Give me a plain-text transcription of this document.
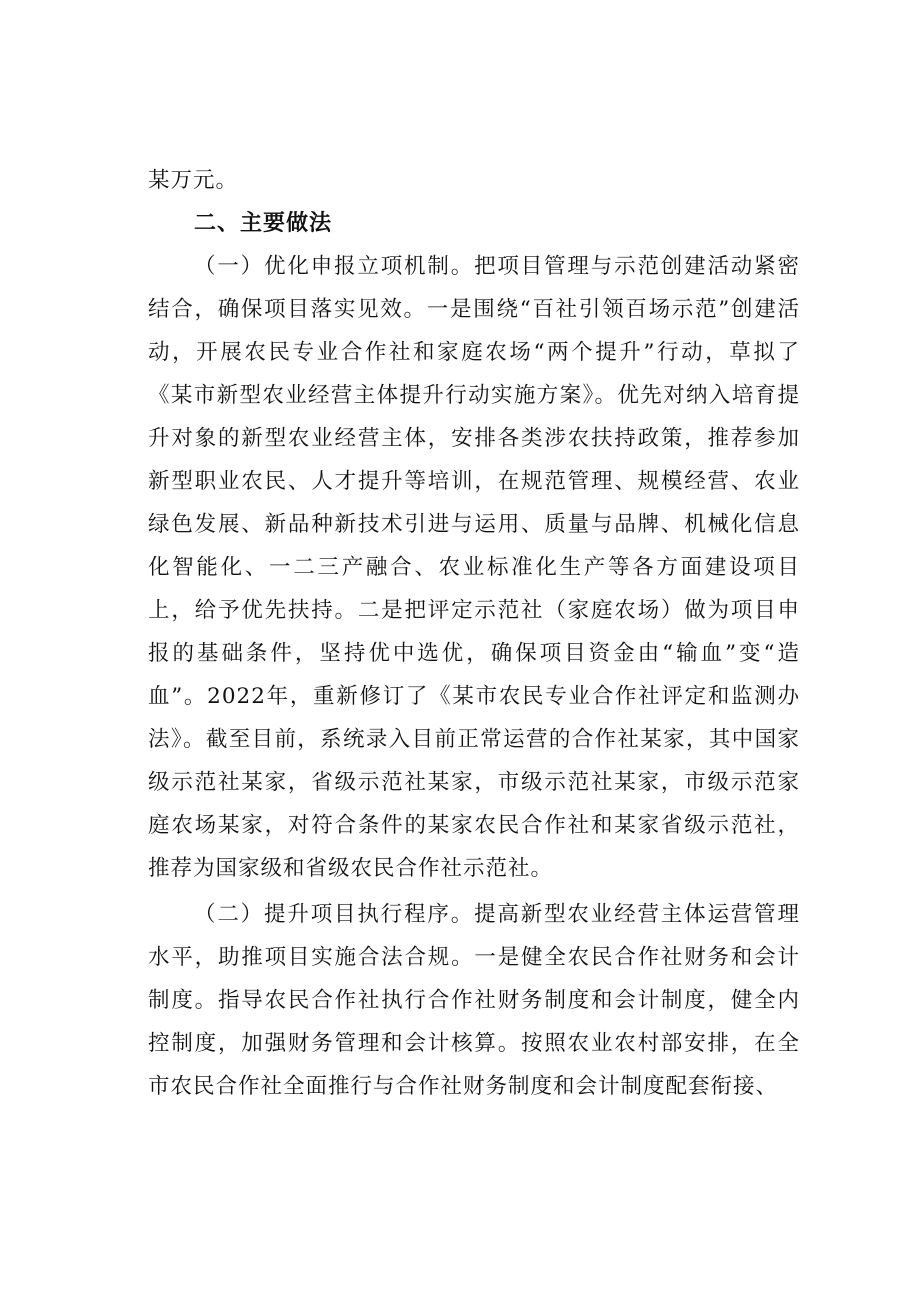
某万元。

二、主要做法

（一）优化申报立项机制。把项目管理与示范创建活动紧密结合，确保项目落实见效。一是围绕“百社引领百场示范”创建活动，开展农民专业合作社和家庭农场“两个提升”行动，草拟了《某市新型农业经营主体提升行动实施方案》。优先对纳入培育提升对象的新型农业经营主体，安排各类涉农扶持政策，推荐参加新型职业农民、人才提升等培训，在规范管理、规模经营、农业绿色发展、新品种新技术引进与运用、质量与品牌、机械化信息化智能化、一二三产融合、农业标准化生产等各方面建设项目上，给予优先扶持。二是把评定示范社（家庭农场）做为项目申报的基础条件，坚持优中选优，确保项目资金由“输血”变“造血”。2022年，重新修订了《某市农民专业合作社评定和监测办法》。截至目前，系统录入目前正常运营的合作社某家，其中国家级示范社某家，省级示范社某家，市级示范社某家，市级示范家庭农场某家，对符合条件的某家农民合作社和某家省级示范社，推荐为国家级和省级农民合作社示范社。

（二）提升项目执行程序。提高新型农业经营主体运营管理水平，助推项目实施合法合规。一是健全农民合作社财务和会计制度。指导农民合作社执行合作社财务制度和会计制度，健全内控制度，加强财务管理和会计核算。按照农业农村部安排，在全市农民合作社全面推行与合作社财务制度和会计制度配套衔接、
